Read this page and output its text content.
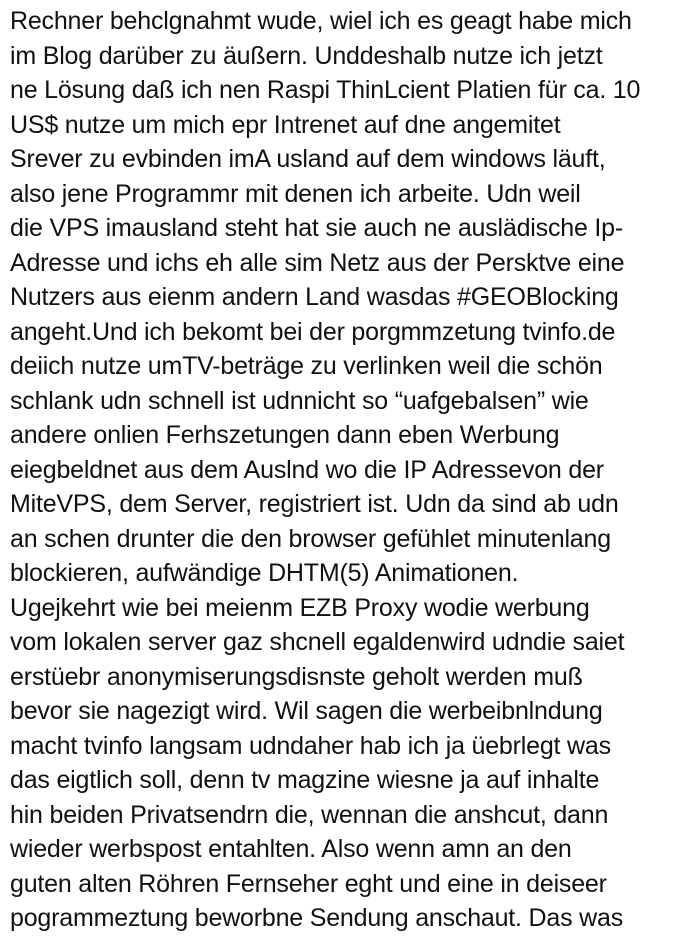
Rechner behclgnahmt wude, wiel ich es geagt habe mich
im Blog darüber zu äußern. Unddeshalb nutze ich jetzt
ne Lösung daß ich nen Raspi ThinLcient Platien für ca. 10
US$ nutze um mich epr Intrenet auf dne angemitet
Srever zu evbinden imA usland auf dem windows läuft,
also jene Programmr mit denen ich arbeite. Udn weil
die VPS imausland steht hat sie auch ne auslädische Ip-
Adresse und ichs eh alle sim Netz aus der Persktve eine
Nutzers aus eienm andern Land wasdas #GEOBlocking
angeht.Und ich bekomt bei der porgmmzetung tvinfo.de
deiich nutze umTV-beträge zu verlinken weil die schön
schlank udn schnell ist udnnicht so “uafgebalsen” wie
andere onlien Ferhszetungen dann eben Werbung
eiegbeldnet aus dem Auslnd wo die IP Adressevon der
MiteVPS, dem Server, registriert ist. Udn da sind ab udn
an schen drunter die den browser gefühlet minutenlang
blockieren, aufwändige DHTM(5) Animationen.
Ugejkehrt wie bei meienm EZB Proxy wodie werbung
vom lokalen server gaz shcnell egaldenwird udndie saiet
erstüebr anonymiserungsdisnste geholt werden muß
bevor sie nagezigt wird. Wil sagen die werbeibnlndung
macht tvinfo langsam udndaher hab ich ja üebrlegt was
das eigtlich soll, denn tv magzine wiesne ja auf inhalte
hin beiden Privatsendrn die, wennan die anshcut, dann
wieder werbspost entahlten. Also wenn amn an den
guten alten Röhren Fernseher eght und eine in deiseer
pogrammeztung beworbne Sendung anschaut. Das was
